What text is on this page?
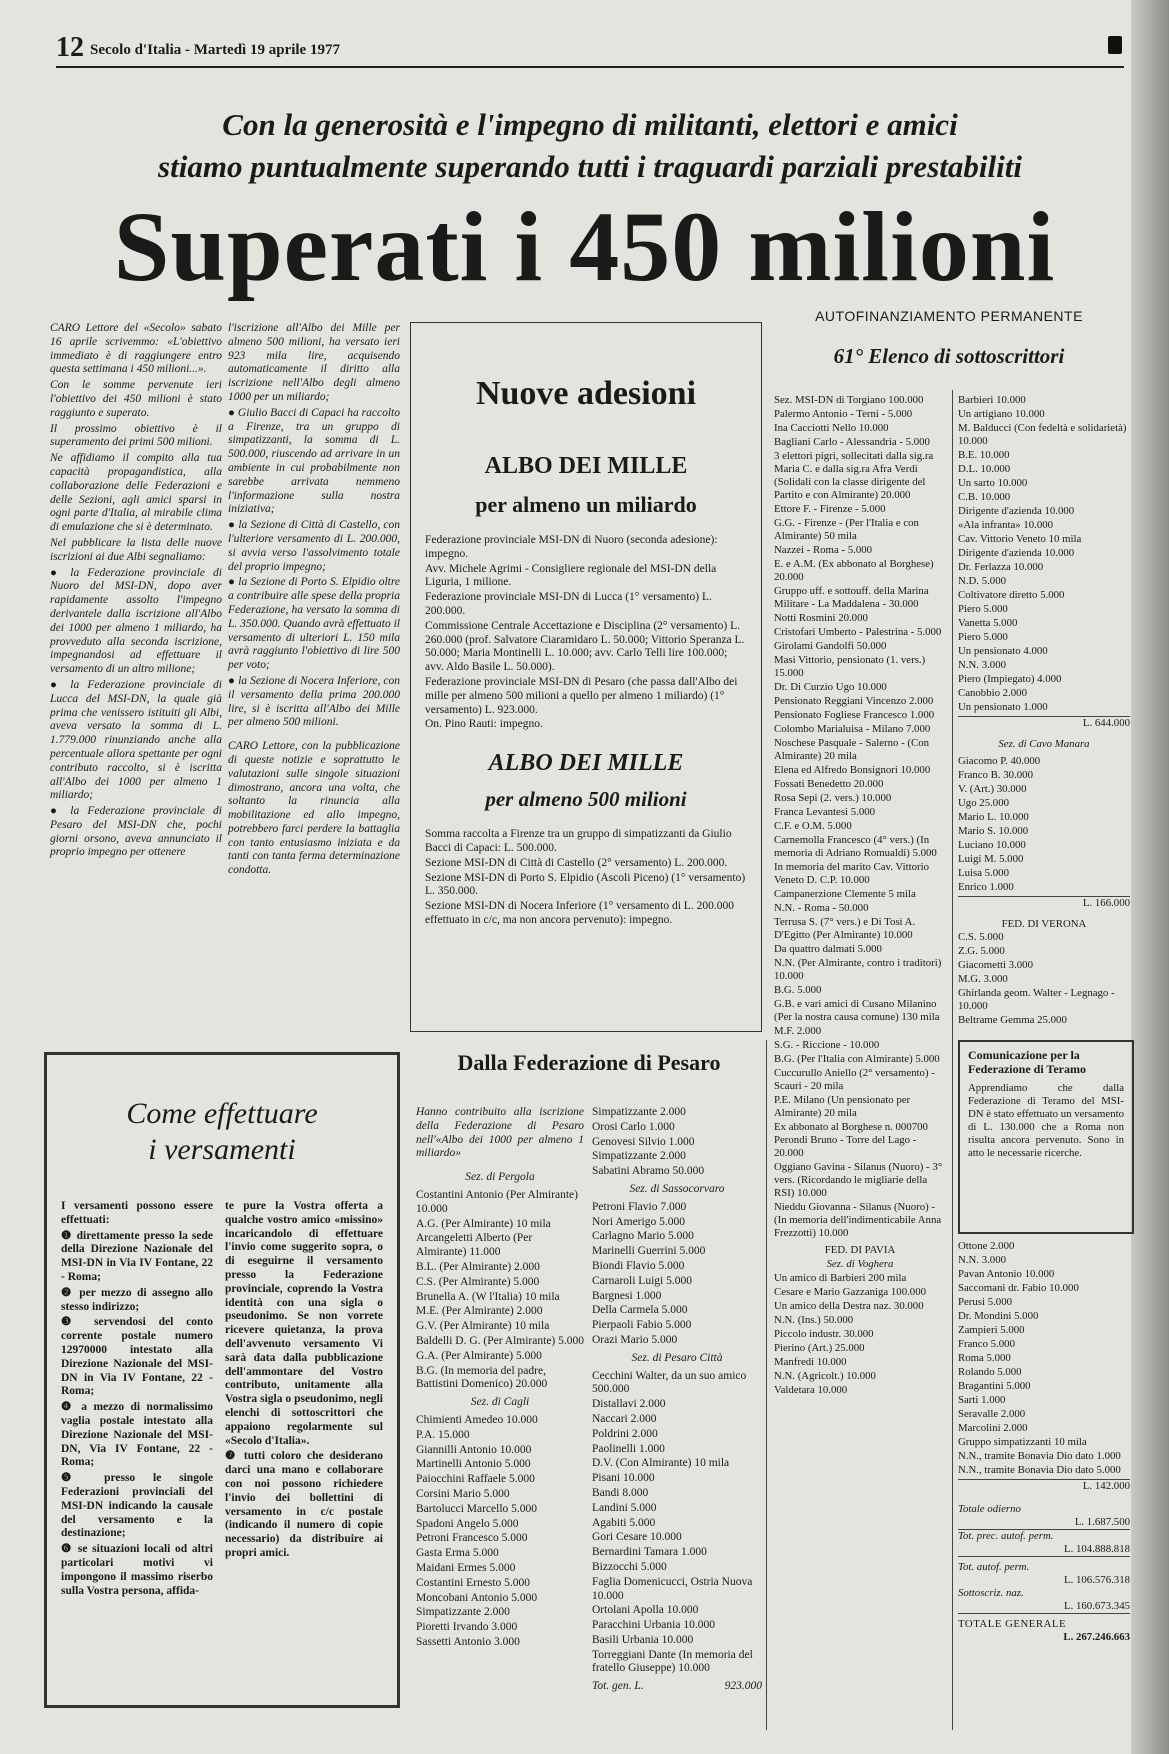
12 Secolo d'Italia - Martedì 19 aprile 1977
Con la generosità e l'impegno di militanti, elettori e amici
stiamo puntualmente superando tutti i traguardi parziali prestabiliti
Superati i 450 milioni

CARO Lettore del «Secolo» sabato 16 aprile scrivemmo: «L'obiettivo immediato è di raggiungere entro questa settimana i 450 milioni...».

Con le somme pervenute ieri l'obiettivo dei 450 milioni è stato raggiunto e superato.

Il prossimo obiettivo è il superamento dei primi 500 milioni.

Ne affidiamo il compito alla tua capacità propagandistica, alla collaborazione delle Federazioni e delle Sezioni, agli amici sparsi in ogni parte d'Italia, al mirabile clima di emulazione che si è determinato.

Nel pubblicare la lista delle nuove iscrizioni ai due Albi segnaliamo:

● la Federazione provinciale di Nuoro del MSI-DN, dopo aver rapidamente assolto l'impegno derivantele dalla iscrizione all'Albo dei 1000 per almeno 1 miliardo, ha provveduto alla seconda iscrizione, impegnandosi ad effettuare il versamento di un altro milione;

● la Federazione provinciale di Lucca del MSI-DN, la quale già prima che venissero istituiti gli Albi, aveva versato la somma di L. 1.779.000 rinunziando anche alla percentuale allora spettante per ogni contributo raccolto, si è iscritta all'Albo dei 1000 per almeno 1 miliardo;

● la Federazione provinciale di Pesaro del MSI-DN che, pochi giorni orsono, aveva annunciato il proprio impegno per ottenere

l'iscrizione all'Albo dei Mille per almeno 500 milioni, ha versato ieri 923 mila lire, acquisendo automaticamente il diritto alla iscrizione nell'Albo degli almeno 1000 per un miliardo;

● Giulio Bacci di Capaci ha raccolto a Firenze, tra un gruppo di simpatizzanti, la somma di L. 500.000, riuscendo ad arrivare in un ambiente in cui probabilmente non sarebbe arrivata nemmeno l'informazione sulla nostra iniziativa;

● la Sezione di Città di Castello, con l'ulteriore versamento di L. 200.000, si avvia verso l'assolvimento totale del proprio impegno;

● la Sezione di Porto S. Elpidio oltre a contribuire alle spese della propria Federazione, ha versato la somma di L. 350.000. Quando avrà effettuato il versamento di ulteriori L. 150 mila avrà raggiunto l'obiettivo di lire 500 per voto;

● la Sezione di Nocera Inferiore, con il versamento della prima 200.000 lire, si è iscritta all'Albo dei Mille per almeno 500 milioni.

CARO Lettore, con la pubblicazione di queste notizie e soprattutto le valutazioni sulle singole situazioni dimostrano, ancora una volta, che soltanto la rinuncia alla mobilitazione ed allo impegno, potrebbero farci perdere la battaglia con tanto entusiasmo iniziata e da tanti con tanta ferma determinazione condotta.

Nuove adesioni
ALBO DEI MILLE
per almeno un miliardo
Federazione provinciale MSI-DN di Nuoro (seconda adesione): impegno.
Avv. Michele Agrimi - Consigliere regionale del MSI-DN della Liguria, 1 milione.
Federazione provinciale MSI-DN di Lucca (1° versamento) L. 200.000.
Commissione Centrale Accettazione e Disciplina (2° versamento) L. 260.000 (prof. Salvatore Ciaramidaro L. 50.000; Vittorio Speranza L. 50.000; Maria Montinelli L. 10.000; avv. Carlo Telli lire 100.000; avv. Aldo Basile L. 50.000).
Federazione provinciale MSI-DN di Pesaro (che passa dall'Albo dei mille per almeno 500 milioni a quello per almeno 1 miliardo) (1° versamento) L. 923.000.
On. Pino Rauti: impegno.
ALBO DEI MILLE
per almeno 500 milioni
Somma raccolta a Firenze tra un gruppo di simpatizzanti da Giulio Bacci di Capaci: L. 500.000.
Sezione MSI-DN di Città di Castello (2° versamento) L. 200.000.
Sezione MSI-DN di Porto S. Elpidio (Ascoli Piceno) (1° versamento) L. 350.000.
Sezione MSI-DN di Nocera Inferiore (1° versamento di L. 200.000 effettuato in c/c, ma non ancora pervenuto): impegno.
Come effettuare
i versamenti

I versamenti possono essere effettuati:

❶ direttamente presso la sede della Direzione Nazionale del MSI-DN in Via IV Fontane, 22 - Roma;

❷ per mezzo di assegno allo stesso indirizzo;

❸ servendosi del conto corrente postale numero 12970000 intestato alla Direzione Nazionale del MSI-DN in Via IV Fontane, 22 - Roma;

❹ a mezzo di normalissimo vaglia postale intestato alla Direzione Nazionale del MSI-DN, Via IV Fontane, 22 - Roma;

❺ presso le singole Federazioni provinciali del MSI-DN indicando la causale del versamento e la destinazione;

❻ se situazioni locali od altri particolari motivi vi impongono il massimo riserbo sulla Vostra persona, affida-

te pure la Vostra offerta a qualche vostro amico «missino» incaricandolo di effettuare l'invio come suggerito sopra, o di eseguirne il versamento presso la Federazione provinciale, coprendo la Vostra identità con una sigla o pseudonimo. Se non vorrete ricevere quietanza, la prova dell'avvenuto versamento Vi sarà data dalla pubblicazione dell'ammontare del Vostro contributo, unitamente alla Vostra sigla o pseudonimo, negli elenchi di sottoscrittori che appaiono regolarmente sul «Secolo d'Italia».

❼ tutti coloro che desiderano darci una mano e collaborare con noi possono richiedere l'invio dei bollettini di versamento in c/c postale (indicando il numero di copie necessario) da distribuire ai propri amici.

Dalla Federazione di Pesaro

Hanno contribuito alla iscrizione della Federazione di Pesaro nell'«Albo dei 1000 per almeno 1 miliardo»

Sez. di Pergola
Costantini Antonio (Per Almirante) 10.000
A.G. (Per Almirante) 10 mila
Arcangeletti Alberto (Per Almirante) 11.000
B.L. (Per Almirante) 2.000
C.S. (Per Almirante) 5.000
Brunella A. (W l'Italia) 10 mila
M.E. (Per Almirante) 2.000
G.V. (Per Almirante) 10 mila
Baldelli D. G. (Per Almirante) 5.000
G.A. (Per Almirante) 5.000
B.G. (In memoria del padre, Battistini Domenico) 20.000
Sez. di Cagli
Chimienti Amedeo 10.000
P.A. 15.000
Giannilli Antonio 10.000
Martinelli Antonio 5.000
Paiocchini Raffaele 5.000
Corsini Mario 5.000
Bartolucci Marcello 5.000
Spadoni Angelo 5.000
Petroni Francesco 5.000
Gasta Erma 5.000
Maidani Ermes 5.000
Costantini Ernesto 5.000
Moncobani Antonio 5.000
Simpatizzante 2.000
Pioretti Irvando 3.000
Sassetti Antonio 3.000
Simpatizzante 2.000
Orosi Carlo 1.000
Genovesi Silvio 1.000
Simpatizzante 2.000
Sabatini Abramo 50.000
Sez. di Sassocorvaro
Petroni Flavio 7.000
Nori Amerigo 5.000
Carlagno Mario 5.000
Marinelli Guerrini 5.000
Biondi Flavio 5.000
Carnaroli Luigi 5.000
Bargnesi 1.000
Della Carmela 5.000
Pierpaoli Fabio 5.000
Orazi Mario 5.000
Sez. di Pesaro Città
Cecchini Walter, da un suo amico 500.000
Distallavi 2.000
Naccari 2.000
Poldrini 2.000
Paolinelli 1.000
D.V. (Con Almirante) 10 mila
Pisani 10.000
Bandi 8.000
Landini 5.000
Agabiti 5.000
Gori Cesare 10.000
Bernardini Tamara 1.000
Bizzocchi 5.000
Faglia Domenicucci, Ostria Nuova 10.000
Ortolani Apolla 10.000
Paracchini Urbania 10.000
Basili Urbania 10.000
Torreggiani Dante (In memoria del fratello Giuseppe) 10.000
Tot. gen. L.	923.000
AUTOFINANZIAMENTO PERMANENTE
61° Elenco di sottoscrittori
Sez. MSI-DN di Torgiano 100.000
Palermo Antonio - Terni - 5.000
Ina Cacciotti Nello 10.000
Bagliani Carlo - Alessandria - 5.000
3 elettori pigri, sollecitati dalla sig.ra Maria C. e dalla sig.ra Afra Verdi (Solidali con la classe dirigente del Partito e con Almirante) 20.000
Ettore F. - Firenze - 5.000
G.G. - Firenze - (Per l'Italia e con Almirante) 50 mila
Nazzei - Roma - 5.000
E. e A.M. (Ex abbonato al Borghese) 20.000
Gruppo uff. e sottouff. della Marina Militare - La Maddalena - 30.000
Notti Rosmini 20.000
Cristofari Umberto - Palestrina - 5.000
Girolami Gandolfi 50.000
Masi Vittorio, pensionato (1. vers.) 15.000
Dr. Di Curzio Ugo 10.000
Pensionato Reggiani Vincenzo 2.000
Pensionato Fogliese Francesco 1.000
Colombo Marialuisa - Milano 7.000
Noschese Pasquale - Salerno - (Con Almirante) 20 mila
Elena ed Alfredo Bonsignori 10.000
Fossati Benedetto 20.000
Rosa Sepi (2. vers.) 10.000
Franca Levantesi 5.000
C.F. e O.M. 5.000
Carnemolla Francesco (4° vers.) (In memoria di Adriano Romualdi) 5.000
In memoria del marito Cav. Vittorio Veneto D. C.P. 10.000
Campanerzione Clemente 5 mila
N.N. - Roma - 50.000
Terrusa S. (7° vers.) e Di Tosi A. D'Egitto (Per Almirante) 10.000
Da quattro dalmati 5.000
N.N. (Per Almirante, contro i traditori) 10.000
B.G. 5.000
G.B. e vari amici di Cusano Milanino (Per la nostra causa comune) 130 mila
M.F. 2.000
S.G. - Riccione - 10.000
B.G. (Per l'Italia con Almirante) 5.000
Cuccurullo Aniello (2° versamento) - Scauri - 20 mila
P.E. Milano (Un pensionato per Almirante) 20 mila
Ex abbonato al Borghese n. 000700 Perondi Bruno - Torre del Lago - 20.000
Oggiano Gavina - Silanus (Nuoro) - 3° vers. (Ricordando le migliarie della RSI) 10.000
Nieddu Giovanna - Silanus (Nuoro) - (In memoria dell'indimenticabile Anna Frezzotti) 10.000
FED. DI PAVIA
Sez. di Voghera
Un amico di Barbieri 200 mila
Cesare e Mario Gazzaniga 100.000
Un amico della Destra naz. 30.000
N.N. (Ins.) 50.000
Piccolo industr. 30.000
Pierino (Art.) 25.000
Manfredi 10.000
N.N. (Agricolt.) 10.000
Valdetara 10.000
Barbieri 10.000
Un artigiano 10.000
M. Balducci (Con fedeltà e solidarietà) 10.000
B.E. 10.000
D.L. 10.000
Un sarto 10.000
C.B. 10.000
Dirigente d'azienda 10.000
«Ala infranta» 10.000
Cav. Vittorio Veneto 10 mila
Dirigente d'azienda 10.000
Dr. Ferlazza 10.000
N.D. 5.000
Coltivatore diretto 5.000
Piero 5.000
Vanetta 5.000
Piero 5.000
Un pensionato 4.000
N.N. 3.000
Piero (Impiegato) 4.000
Canobbio 2.000
Un pensionato 1.000
L. 644.000
Sez. di Cavo Manara
Giacomo P. 40.000
Franco B. 30.000
V. (Art.) 30.000
Ugo 25.000
Mario L. 10.000
Mario S. 10.000
Luciano 10.000
Luigi M. 5.000
Luisa 5.000
Enrico 1.000
L. 166.000
FED. DI VERONA
C.S. 5.000
Z.G. 5.000
Giacometti 3.000
M.G. 3.000
Ghirlanda geom. Walter - Legnago - 10.000
Beltrame Gemma 25.000
Comunicazione per la Federazione di Teramo
Apprendiamo che dalla Federazione di Teramo del MSI-DN è stato effettuato un versamento di L. 130.000 che a Roma non risulta ancora pervenuto. Sono in atto le necessarie ricerche.
Ottone 2.000
N.N. 3.000
Pavan Antonio 10.000
Saccomani dr. Fabio 10.000
Perusi 5.000
Dr. Mondini 5.000
Zampieri 5.000
Franco 5.000
Roma 5.000
Rolando 5.000
Bragantini 5.000
Sarti 1.000
Seravalle 2.000
Marcolini 2.000
Gruppo simpatizzanti 10 mila
N.N., tramite Bonavia Dio dato 1.000
N.N., tramite Bonavia Dio dato 5.000
L. 142.000
Totale odierno
L. 1.687.500
Tot. prec. autof. perm.
L. 104.888.818
Tot. autof. perm.
L. 106.576.318
Sottoscriz. naz.
L. 160.673.345
TOTALE GENERALE
L. 267.246.663
